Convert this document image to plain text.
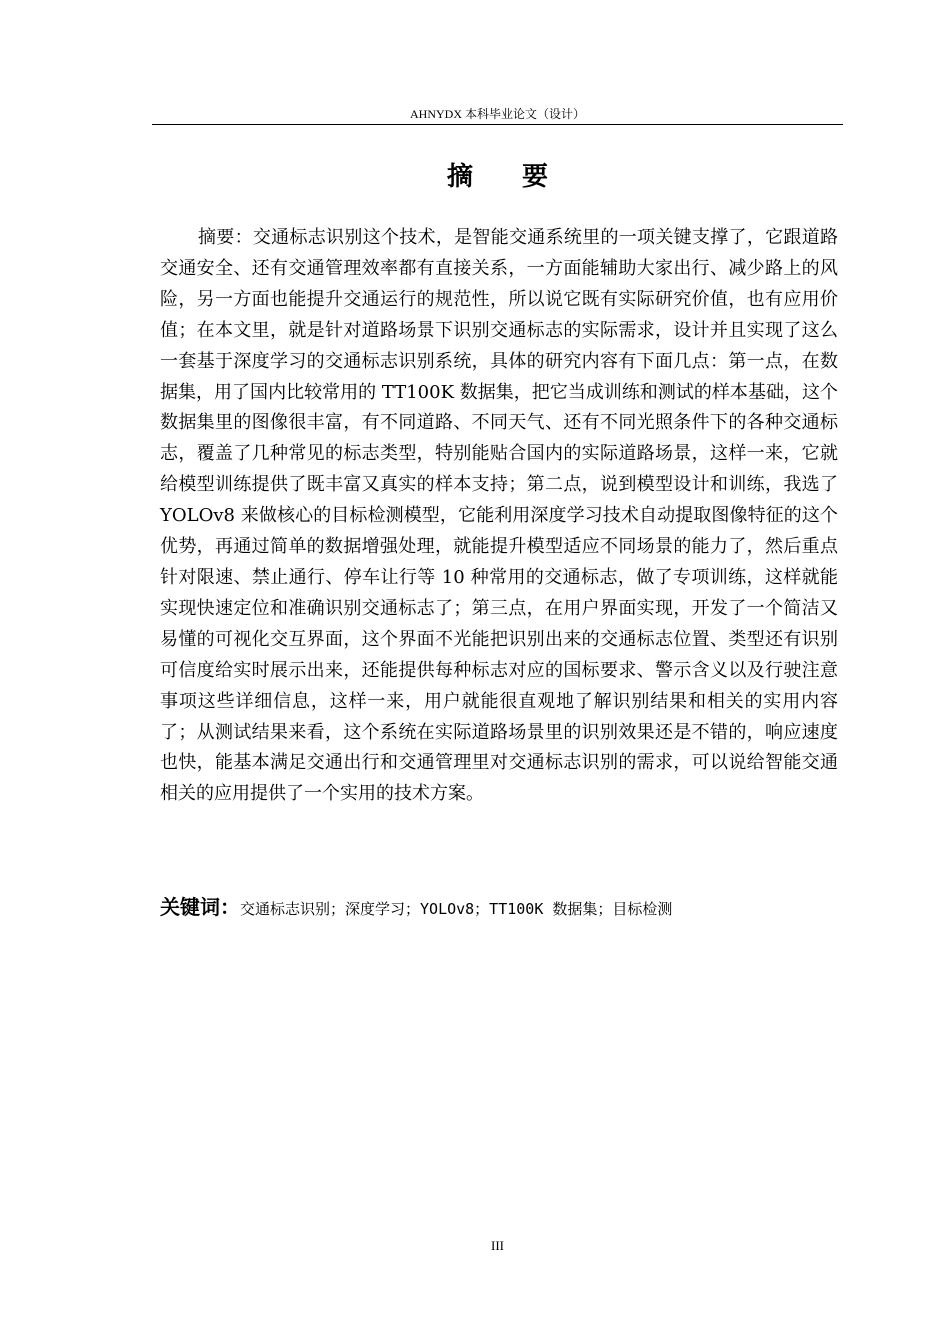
AHNYDX 本科毕业论文（设计）
摘 要

摘要：交通标志识别这个技术，是智能交通系统里的一项关键支撑了，它跟道路交通安全、还有交通管理效率都有直接关系，一方面能辅助大家出行、减少路上的风险，另一方面也能提升交通运行的规范性，所以说它既有实际研究价值，也有应用价值；在本文里，就是针对道路场景下识别交通标志的实际需求，设计并且实现了这么一套基于深度学习的交通标志识别系统，具体的研究内容有下面几点：第一点，在数据集，用了国内比较常用的 TT100K 数据集，把它当成训练和测试的样本基础，这个数据集里的图像很丰富，有不同道路、不同天气、还有不同光照条件下的各种交通标志，覆盖了几种常见的标志类型，特别能贴合国内的实际道路场景，这样一来，它就给模型训练提供了既丰富又真实的样本支持；第二点，说到模型设计和训练，我选了 YOLOv8 来做核心的目标检测模型，它能利用深度学习技术自动提取图像特征的这个优势，再通过简单的数据增强处理，就能提升模型适应不同场景的能力了，然后重点针对限速、禁止通行、停车让行等 10 种常用的交通标志，做了专项训练，这样就能实现快速定位和准确识别交通标志了；第三点，在用户界面实现，开发了一个简洁又易懂的可视化交互界面，这个界面不光能把识别出来的交通标志位置、类型还有识别可信度给实时展示出来，还能提供每种标志对应的国标要求、警示含义以及行驶注意事项这些详细信息，这样一来，用户就能很直观地了解识别结果和相关的实用内容了；从测试结果来看，这个系统在实际道路场景里的识别效果还是不错的，响应速度也快，能基本满足交通出行和交通管理里对交通标志识别的需求，可以说给智能交通相关的应用提供了一个实用的技术方案。

关键词：交通标志识别；深度学习；YOLOv8；TT100K 数据集；目标检测
III
